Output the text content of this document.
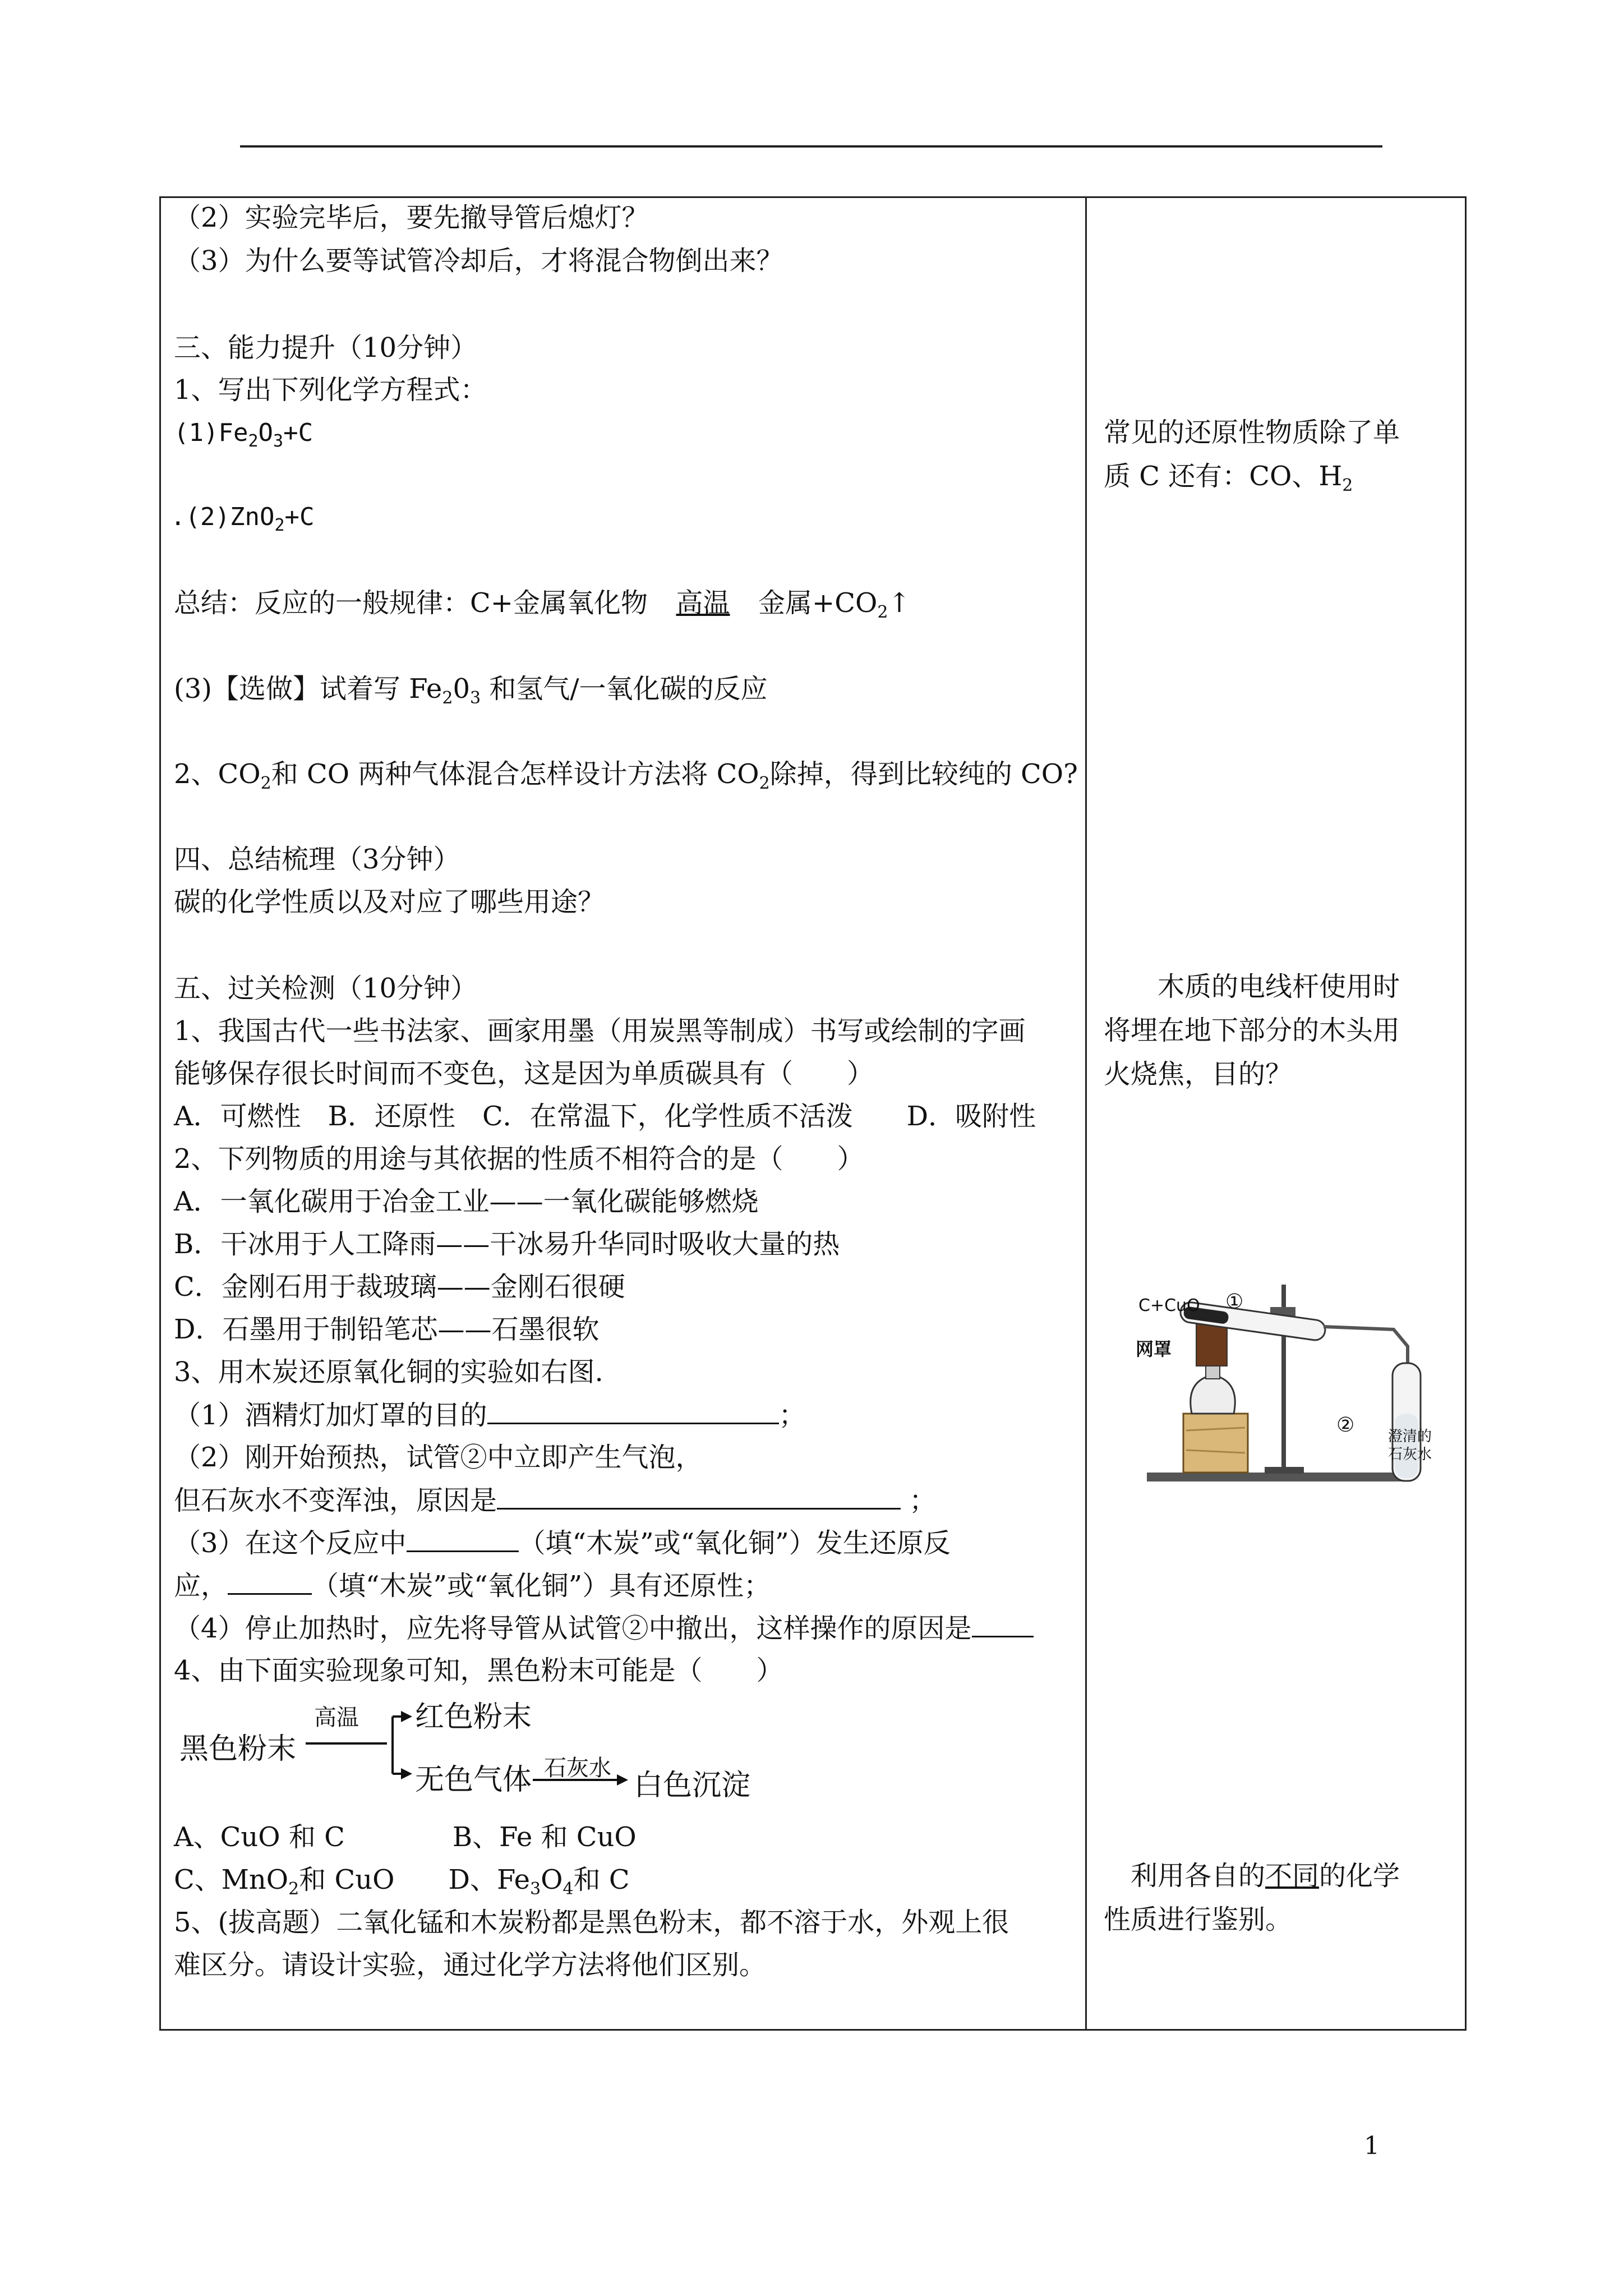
（2）实验完毕后，要先撤导管后熄灯？
（3）为什么要等试管冷却后，才将混合物倒出来？
三、能力提升（10分钟）
1、写出下列化学方程式：
$(1)Fe_2O_3+C$
.(2)ZnO$_2$+C
总结：反应的一般规律：C+金属氧化物 高温 金属$+CO_2↑$
(3)【选做】试着写 $Fe_20_3$ 和氢气/一氧化碳的反应
2、$CO_2$和 CO 两种气体混合怎样设计方法将 $CO_2$除掉，得到比较纯的 CO?
四、总结梳理（3分钟）
碳的化学性质以及对应了哪些用途？
五、过关检测（10分钟）
1、我国古代一些书法家、画家用墨（用炭黑等制成）书写或绘制的字画
能够保存很长时间而不变色，这是因为单质碳具有（　　）
A．可燃性　B．还原性　C．在常温下，化学性质不活泼　　D．吸附性
2、下列物质的用途与其依据的性质不相符合的是（　　）
A．一氧化碳用于冶金工业——一氧化碳能够燃烧
B．干冰用于人工降雨——干冰易升华同时吸收大量的热
C．金刚石用于裁玻璃——金刚石很硬
D．石墨用于制铅笔芯——石墨很软
3、用木炭还原氧化铜的实验如右图.
（1）酒精灯加灯罩的目的	；
（2）刚开始预热，试管②中立即产生气泡，
但石灰水不变浑浊，原因是	；
（3）在这个反应中	（填“木炭”或“氧化铜”）发生还原反
应，	（填“木炭”或“氧化铜”）具有还原性；
（4）停止加热时，应先将导管从试管②中撤出，这样操作的原因是
4、由下面实验现象可知，黑色粉末可能是（　　）
黑色粉末
高温 红色粉末
无色气体 石灰水
白色沉淀
A、CuO 和 C　　　　B、Fe 和 CuO
C、MnO$_2$和 CuO　　D、$Fe_3O_4$和 C
5、(拔高题）二氧化锰和木炭粉都是黑色粉末，都不溶于水，外观上很
难区分。请设计实验，通过化学方法将他们区别。
常见的还原性物质除了单
质 C 还有：CO、$H_2$
　　木质的电线杆使用时
将埋在地下部分的木头用
火烧焦，目的？
C+CuO
网罩
①
② 澄清的
石灰水
　利用各自的不同的化学
性质进行鉴别。
1
